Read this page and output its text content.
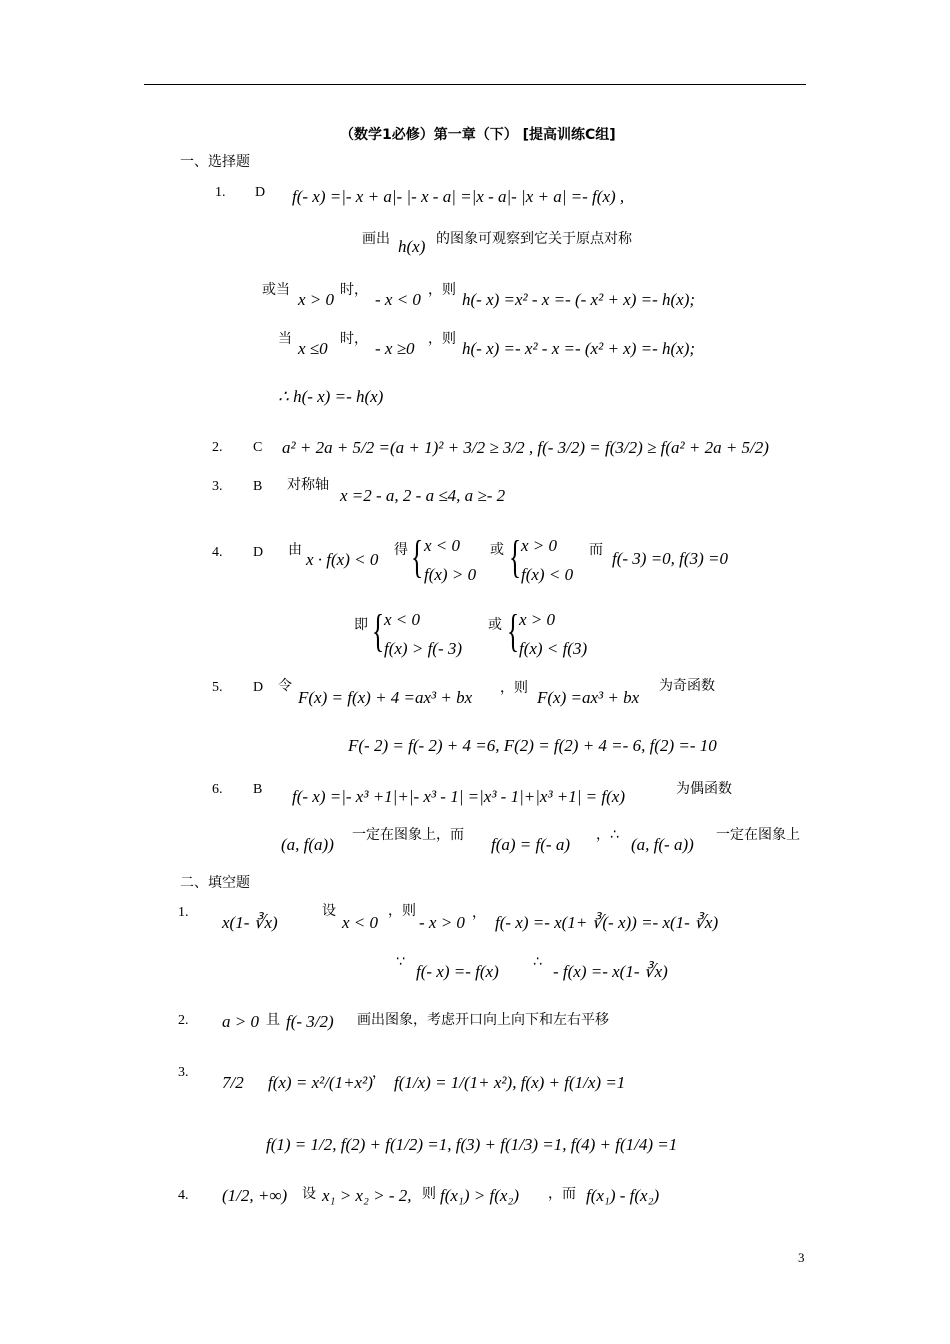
（数学1必修）第一章（下） [提高训练C组]
一、选择题
1. D f(- x) =|- x + a|- |- x - a| =|x - a|- |x + a| =- f(x) ,
画出 h(x) 的图象可观察到它关于原点对称
或当 x > 0 时， - x < 0 ，则 h(- x) =x² - x =- (- x² + x) =- h(x);
当 x ≤0 时， - x ≥0 ，则 h(- x) =- x² - x =- (x² + x) =- h(x);
∴ h(- x) =- h(x)
2. C a² + 2a + 5/2 =(a + 1)² + 3/2 ≥ 3/2 , f(- 3/2) = f(3/2) ≥ f(a² + 2a + 5/2)
3. B 对称轴
x =2 - a, 2 - a ≤4, a ≥- 2
4. D 由 x · f(x) < 0 得 { x < 0
f(x) > 0
或 { x > 0
f(x) < 0
而 f(- 3) =0, f(3) =0
即 { x < 0
f(x) > f(- 3)
或 { x > 0
f(x) < f(3)
5. D 令
F(x) = f(x) + 4 =ax³ + bx ，则 F(x) =ax³ + bx
为奇函数
F(- 2) = f(- 2) + 4 =6, F(2) = f(2) + 4 =- 6, f(2) =- 10
6. B f(- x) =|- x³ +1|+|- x³ - 1| =|x³ - 1|+|x³ +1| = f(x)	为偶函数
(a, f(a)) 一定在图象上，而 f(a) = f(- a) ，∴ (a, f(- a)) 一定在图象上
二、填空题
1.
x(1- ∛x)
设
x < 0
，则
- x > 0 ， f(- x) =- x(1+ ∛(- x)) =- x(1- ∛x)
∵ f(- x) =- f(x) ∴ - f(x) =- x(1- ∛x)
2. a > 0 且 f(- 3/2) 画出图象，考虑开口向上向下和左右平移
3.
7/2 f(x) = x²/(1+x²) ， f(1/x) = 1/(1+ x²), f(x) + f(1/x) =1
f(1) = 1/2, f(2) + f(1/2) =1, f(3) + f(1/3) =1, f(4) + f(1/4) =1
4. (1/2, +∞) 设 x₁ > x₂ > - 2, 则 f(x₁) > f(x₂) ，而 f(x₁) - f(x₂)
3
